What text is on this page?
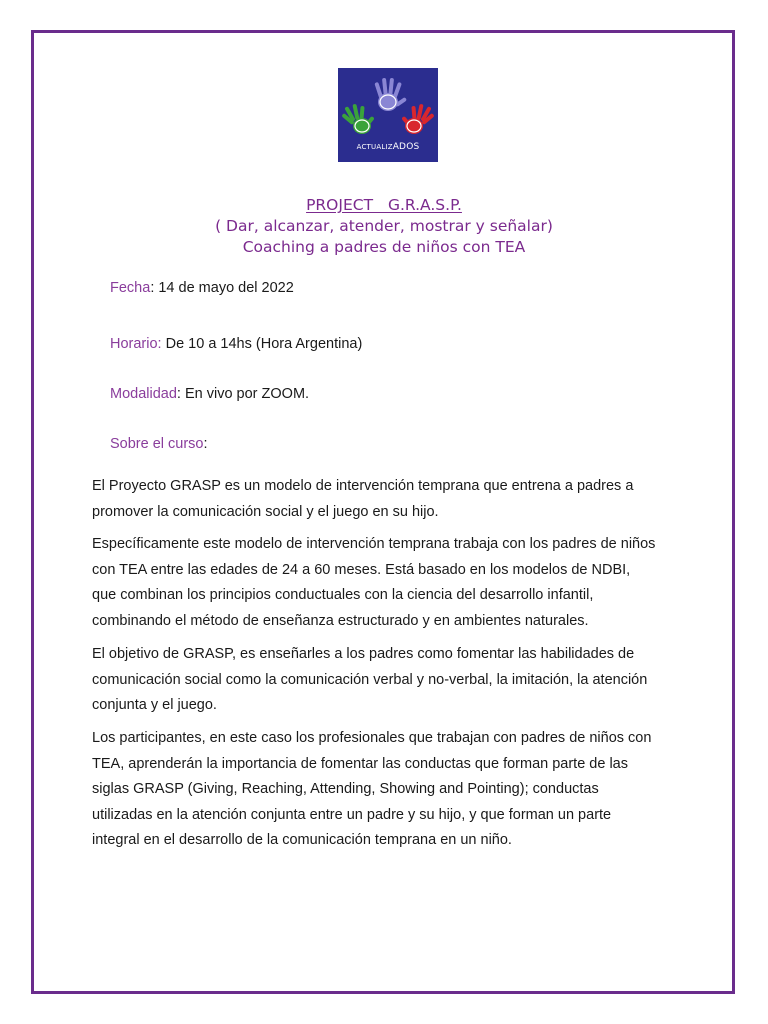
ACTUALIZADOS
PROJECT G.R.A.S.P.
( Dar, alcanzar, atender, mostrar y señalar)
Coaching a padres de niños con TEA
Fecha: 14 de mayo del 2022
Horario: De 10 a 14hs (Hora Argentina)
Modalidad: En vivo por ZOOM.
Sobre el curso:
El Proyecto GRASP es un modelo de intervención temprana que entrena a padres a
promover la comunicación social y el juego en su hijo.
Específicamente este modelo de intervención temprana trabaja con los padres de niños
con TEA entre las edades de 24 a 60 meses. Está basado en los modelos de NDBI,
que combinan los principios conductuales con la ciencia del desarrollo infantil,
combinando el método de enseñanza estructurado y en ambientes naturales.
El objetivo de GRASP, es enseñarles a los padres como fomentar las habilidades de
comunicación social como la comunicación verbal y no-verbal, la imitación, la atención
conjunta y el juego.
Los participantes, en este caso los profesionales que trabajan con padres de niños con
TEA, aprenderán la importancia de fomentar las conductas que forman parte de las
siglas GRASP (Giving, Reaching, Attending, Showing and Pointing); conductas
utilizadas en la atención conjunta entre un padre y su hijo, y que forman un parte
integral en el desarrollo de la comunicación temprana en un niño.
